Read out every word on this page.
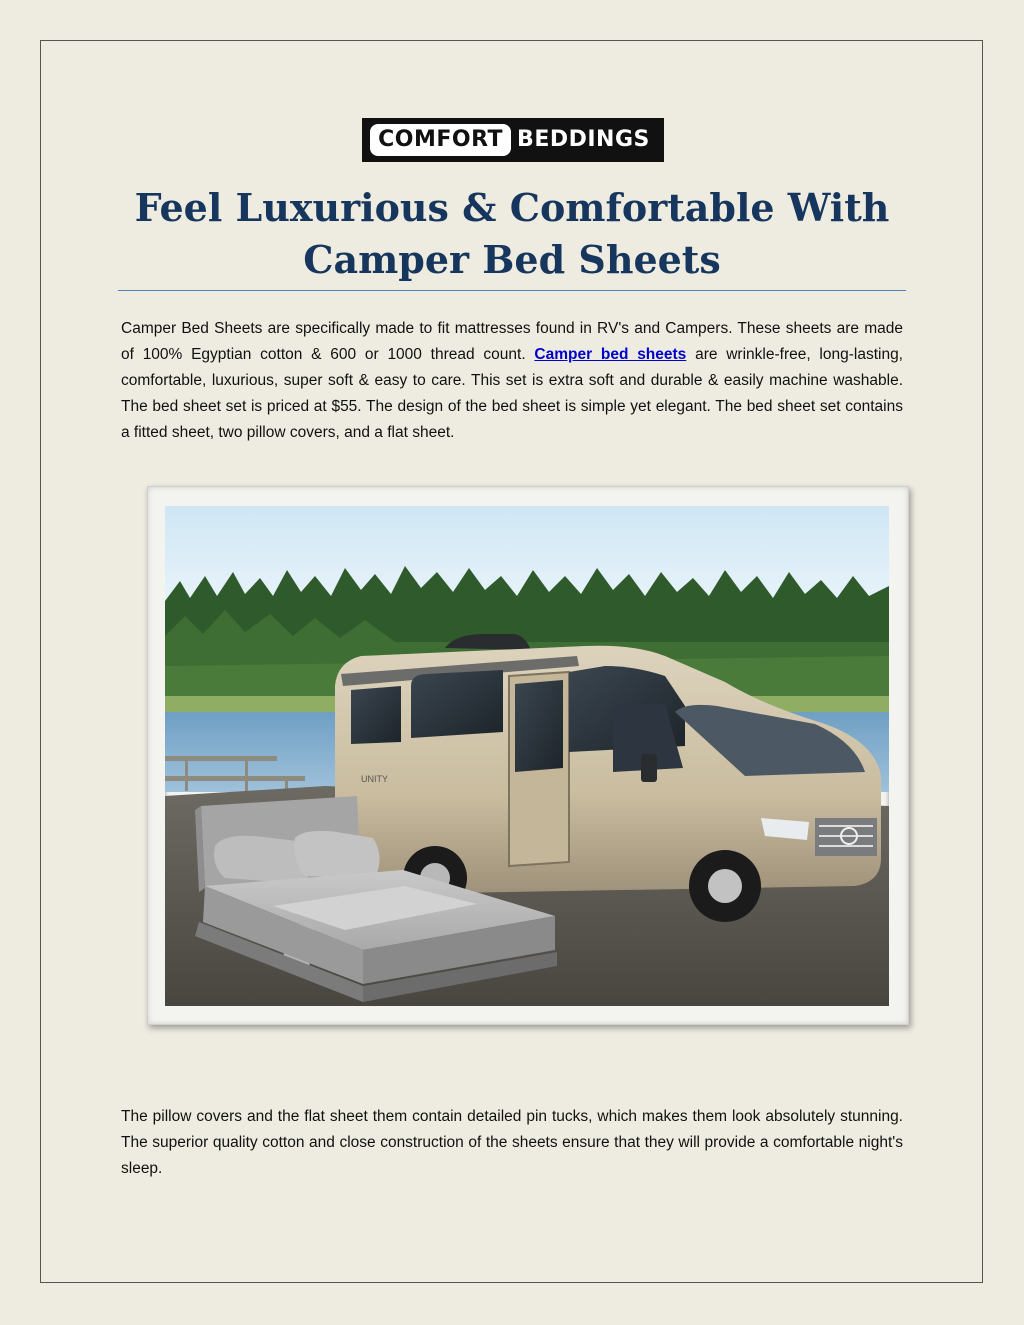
COMFORT BEDDINGS
Feel Luxurious & Comfortable With
Camper Bed Sheets

Camper Bed Sheets are specifically made to fit mattresses found in RV's and Campers. These sheets are made of 100% Egyptian cotton & 600 or 1000 thread count. Camper bed sheets are wrinkle-free, long-lasting, comfortable, luxurious, super soft & easy to care. This set is extra soft and durable & easily machine washable. The bed sheet set is priced at $55. The design of the bed sheet is simple yet elegant. The bed sheet set contains a fitted sheet, two pillow covers, and a flat sheet.

UNITY

The pillow covers and the flat sheet them contain detailed pin tucks, which makes them look absolutely stunning. The superior quality cotton and close construction of the sheets ensure that they will provide a comfortable night's sleep.
